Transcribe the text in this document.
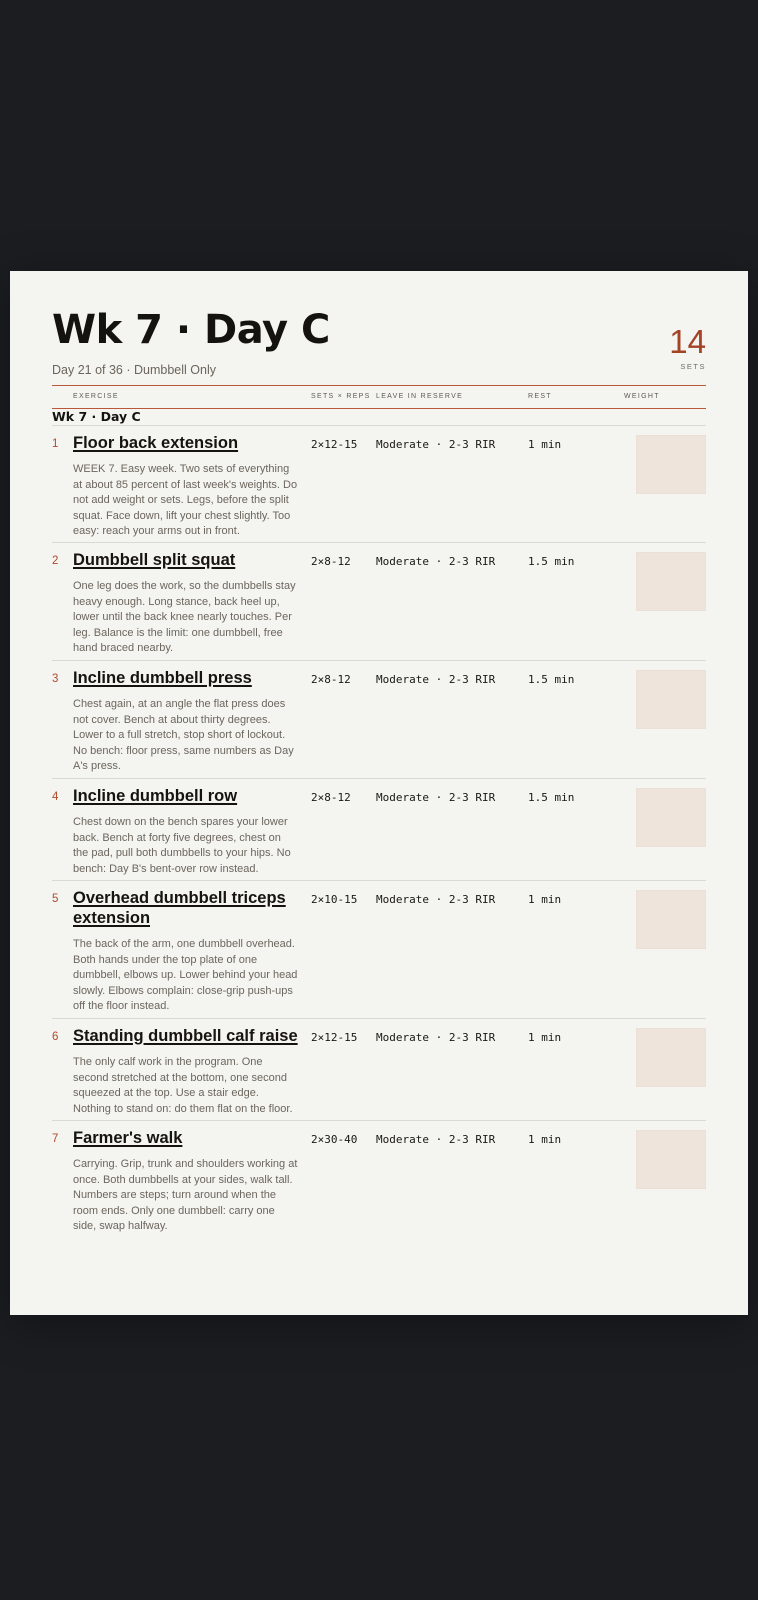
Wk 7 · Day C
Day 21 of 36 · Dumbbell Only
14
SETS
EXERCISE	SETS × REPS LEAVE IN RESERVE	REST	WEIGHT
Wk 7 · Day C
1 Floor back extension
WEEK 7. Easy week. Two sets of everything at about 85 percent of last week's weights. Do not add weight or sets. Legs, before the split squat. Face down, lift your chest slightly. Too easy: reach your arms out in front.
2×12-15 Moderate · 2-3 RIR	1 min
2 Dumbbell split squat
One leg does the work, so the dumbbells stay heavy enough. Long stance, back heel up, lower until the back knee nearly touches. Per leg. Balance is the limit: one dumbbell, free hand braced nearby.
2×8-12 Moderate · 2-3 RIR	1.5 min
3 Incline dumbbell press
Chest again, at an angle the flat press does not cover. Bench at about thirty degrees. Lower to a full stretch, stop short of lockout. No bench: floor press, same numbers as Day A's press.
2×8-12 Moderate · 2-3 RIR	1.5 min
4 Incline dumbbell row
Chest down on the bench spares your lower back. Bench at forty five degrees, chest on the pad, pull both dumbbells to your hips. No bench: Day B's bent-over row instead.
2×8-12 Moderate · 2-3 RIR	1.5 min
5 Overhead dumbbell triceps extension
The back of the arm, one dumbbell overhead. Both hands under the top plate of one dumbbell, elbows up. Lower behind your head slowly. Elbows complain: close-grip push-ups off the floor instead.
2×10-15 Moderate · 2-3 RIR	1 min
6 Standing dumbbell calf raise
The only calf work in the program. One second stretched at the bottom, one second squeezed at the top. Use a stair edge. Nothing to stand on: do them flat on the floor.
2×12-15 Moderate · 2-3 RIR	1 min
7 Farmer's walk
Carrying. Grip, trunk and shoulders working at once. Both dumbbells at your sides, walk tall. Numbers are steps; turn around when the room ends. Only one dumbbell: carry one side, swap halfway.
2×30-40 Moderate · 2-3 RIR	1 min
